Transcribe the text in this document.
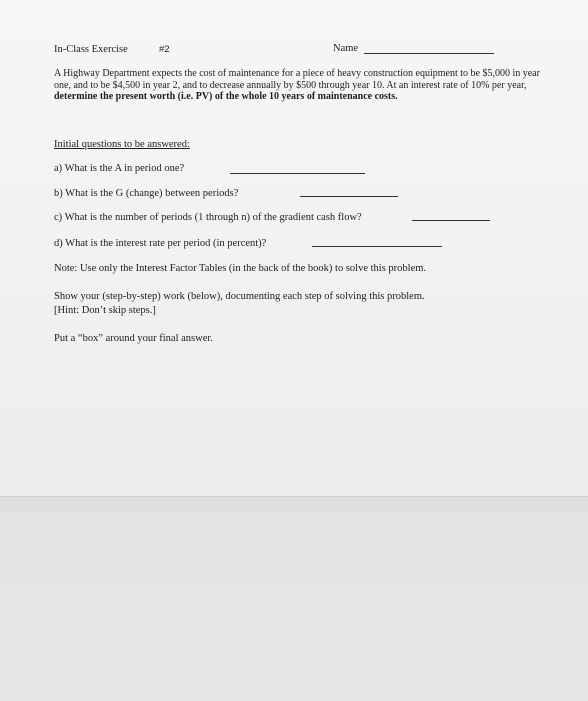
In-Class Exercise	#2	Name
A Highway Department expects the cost of maintenance for a piece of heavy construction equipment to be $5,000 in year one, and to be $4,500 in year 2, and to decrease annually by $500 through year 10. At an interest rate of 10% per year, determine the present worth (i.e. PV) of the whole 10 years of maintenance costs.
Initial questions to be answered:
a) What is the A in period one?
b) What is the G (change) between periods?
c) What is the number of periods (1 through n) of the gradient cash flow?
d) What is the interest rate per period (in percent)?
Note: Use only the Interest Factor Tables (in the back of the book) to solve this problem.
Show your (step-by-step) work (below), documenting each step of solving this problem.
[Hint: Don’t skip steps.]
Put a “box” around your final answer.
